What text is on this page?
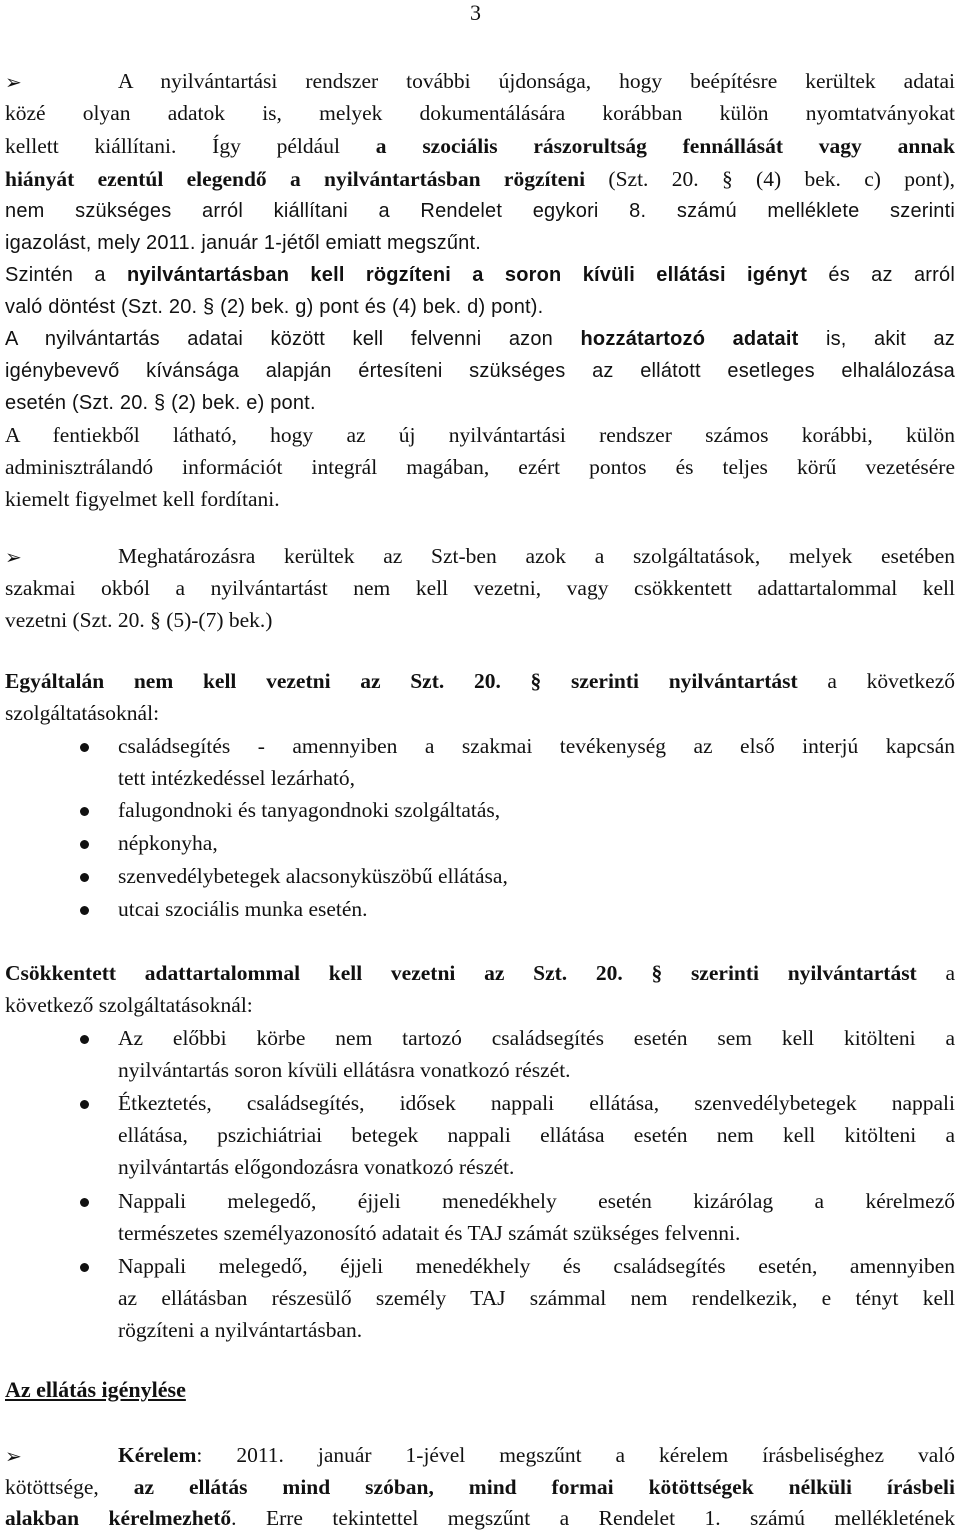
3
➢	A nyilvántartási rendszer további újdonsága, hogy beépítésre kerültek adatai
közé olyan adatok is, melyek dokumentálására korábban külön nyomtatványokat
kellett kiállítani. Így például a szociális rászorultság fennállását vagy annak
hiányát ezentúl elegendő a nyilvántartásban rögzíteni (Szt. 20. § (4) bek. c) pont),
nem szükséges arról kiállítani a Rendelet egykori 8. számú melléklete szerinti
igazolást, mely 2011. január 1-jétől emiatt megszűnt.
Szintén a nyilvántartásban kell rögzíteni a soron kívüli ellátási igényt és az arról
való döntést (Szt. 20. § (2) bek. g) pont és (4) bek. d) pont).
A nyilvántartás adatai között kell felvenni azon hozzátartozó adatait is, akit az
igénybevevő kívánsága alapján értesíteni szükséges az ellátott esetleges elhalálozása
esetén (Szt. 20. § (2) bek. e) pont.
A fentiekből látható, hogy az új nyilvántartási rendszer számos korábbi, külön
adminisztrálandó információt integrál magában, ezért pontos és teljes körű vezetésére
kiemelt figyelmet kell fordítani.
➢	Meghatározásra kerültek az Szt-ben azok a szolgáltatások, melyek esetében
szakmai okból a nyilvántartást nem kell vezetni, vagy csökkentett adattartalommal kell
vezetni (Szt. 20. § (5)-(7) bek.)
Egyáltalán nem kell vezetni az Szt. 20. § szerinti nyilvántartást a következő
szolgáltatásoknál:
családsegítés - amennyiben a szakmai tevékenység az első interjú kapcsán
tett intézkedéssel lezárható,
falugondnoki és tanyagondnoki szolgáltatás,
népkonyha,
szenvedélybetegek alacsonyküszöbű ellátása,
utcai szociális munka esetén.
Csökkentett adattartalommal kell vezetni az Szt. 20. § szerinti nyilvántartást a
következő szolgáltatásoknál:
Az előbbi körbe nem tartozó családsegítés esetén sem kell kitölteni a
nyilvántartás soron kívüli ellátásra vonatkozó részét.
Étkeztetés, családsegítés, idősek nappali ellátása, szenvedélybetegek nappali
ellátása, pszichiátriai betegek nappali ellátása esetén nem kell kitölteni a
nyilvántartás előgondozásra vonatkozó részét.
Nappali melegedő, éjjeli menedékhely esetén kizárólag a kérelmező
természetes személyazonosító adatait és TAJ számát szükséges felvenni.
Nappali melegedő, éjjeli menedékhely és családsegítés esetén, amennyiben
az ellátásban részesülő személy TAJ számmal nem rendelkezik, e tényt kell
rögzíteni a nyilvántartásban.
Az ellátás igénylése
➢	Kérelem: 2011. január 1-jével megszűnt a kérelem írásbeliséghez való
kötöttsége, az ellátás mind szóban, mind formai kötöttségek nélküli írásbeli
alakban kérelmezhető. Erre tekintettel megszűnt a Rendelet 1. számú mellékletének
